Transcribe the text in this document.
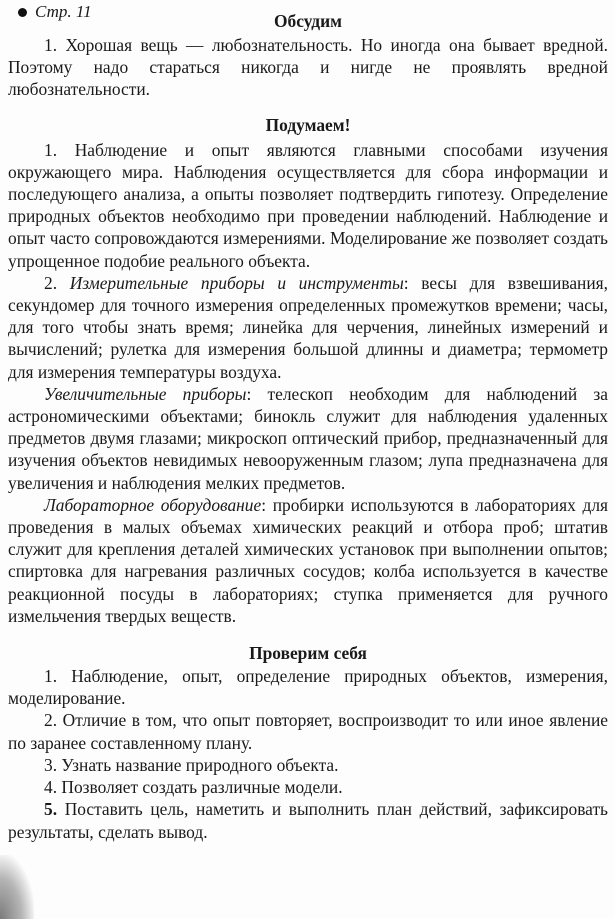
Стр. 11	Обсудим

1. Хорошая вещь — любознательность. Но иногда она бывает вредной. Поэтому надо стараться никогда и нигде не проявлять вредной любознательности.

Подумаем!

1. Наблюдение и опыт являются главными способами изучения окружающего мира. Наблюдения осуществляется для сбора информации и последующего анализа, а опыты позволяет подтвердить гипотезу. Определение природных объектов необходимо при проведении наблюдений. Наблюдение и опыт часто сопровождаются измерениями. Моделирование же позволяет создать упрощенное подобие реального объекта.

2. Измерительные приборы и инструменты: весы для взвешивания, секундомер для точного измерения определенных промежутков времени; часы, для того чтобы знать время; линейка для черчения, линейных измерений и вычислений; рулетка для измерения большой длинны и диаметра; термометр для измерения температуры воздуха.

Увеличительные приборы: телескоп необходим для наблюдений за астрономическими объектами; бинокль служит для наблюдения удаленных предметов двумя глазами; микроскоп оптический прибор, предназначенный для изучения объектов невидимых невооруженным глазом; лупа предназначена для увеличения и наблюдения мелких предметов.

Лабораторное оборудование: пробирки используются в лабораториях для проведения в малых объемах химических реакций и отбора проб; штатив служит для крепления деталей химических установок при выполнении опытов; спиртовка для нагревания различных сосудов; колба используется в качестве реакционной посуды в лабораториях; ступка применяется для ручного измельчения твердых веществ.

Проверим себя

1. Наблюдение, опыт, определение природных объектов, измерения, моделирование.

2. Отличие в том, что опыт повторяет, воспроизводит то или иное явление по заранее составленному плану.

3. Узнать название природного объекта.

4. Позволяет создать различные модели.

5. Поставить цель, наметить и выполнить план действий, зафиксировать результаты, сделать вывод.
